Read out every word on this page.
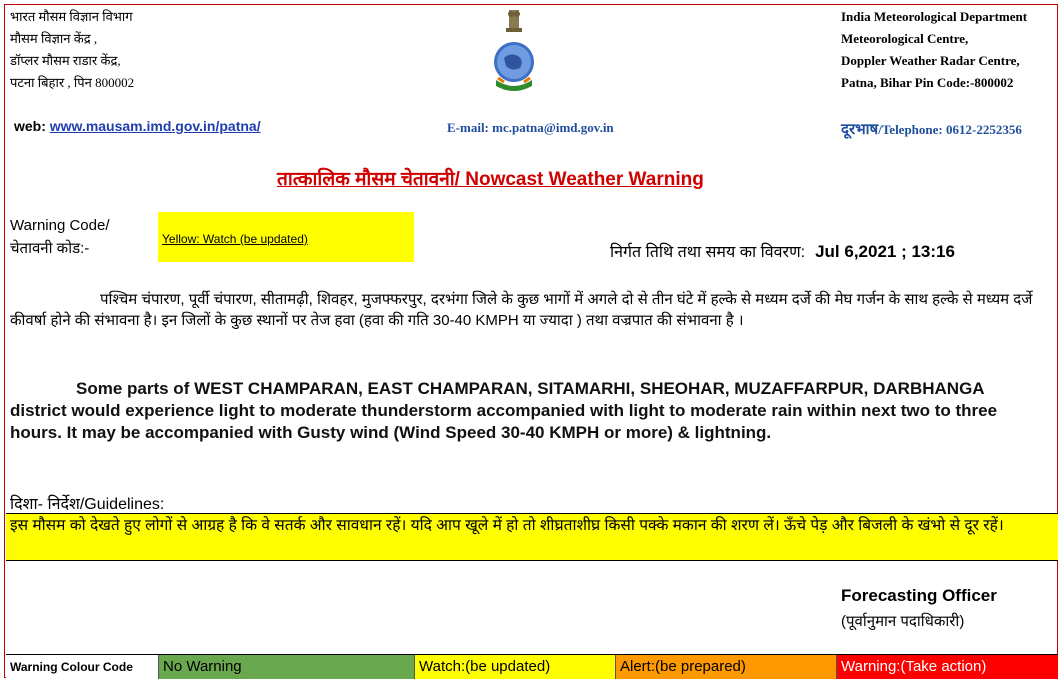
भारत मौसम विज्ञान विभाग
मौसम विज्ञान केंद्र ,
डॉप्लर मौसम राडार केंद्र,
पटना बिहार , पिन 800002
India Meteorological Department
Meteorological Centre,
Doppler Weather Radar Centre,
Patna, Bihar Pin Code:-800002
web: www.mausam.imd.gov.in/patna/	E-mail: mc.patna@imd.gov.in	दूरभाष/Telephone: 0612-2252356
तात्कालिक मौसम चेतावनी/ Nowcast Weather Warning
Warning Code/
चेतावनी कोड:-
Yellow: Watch (be updated)
निर्गत तिथि तथा समय का विवरण: Jul 6,2021 ; 13:16
पश्चिम चंपारण, पूर्वी चंपारण, सीतामढ़ी, शिवहर, मुजफ्फरपुर, दरभंगा जिले के कुछ भागों में अगले दो से तीन घंटे में हल्के से मध्यम दर्जे की मेघ गर्जन के साथ हल्के से मध्यम दर्जे कीवर्षा होने की संभावना है। इन जिलों के कुछ स्थानों पर तेज हवा (हवा की गति 30-40 KMPH या ज्यादा ) तथा वज्रपात की संभावना है ।
Some parts of WEST CHAMPARAN, EAST CHAMPARAN, SITAMARHI, SHEOHAR, MUZAFFARPUR, DARBHANGA district would experience light to moderate thunderstorm accompanied with light to moderate rain within next two to three hours. It may be accompanied with Gusty wind (Wind Speed 30-40 KMPH or more) & lightning.
दिशा- निर्देश/Guidelines:
इस मौसम को देखते हुए लोगों से आग्रह है कि वे सतर्क और सावधान रहें। यदि आप खूले में हो तो शीघ्रताशीघ्र किसी पक्के मकान की शरण लें। ऊँचे पेड़ और बिजली के खंभो से दूर रहें।
Forecasting Officer
(पूर्वानुमान पदाधिकारी)
Warning Colour Code	No Warning	Watch:(be updated)	Alert:(be prepared)	Warning:(Take action)
